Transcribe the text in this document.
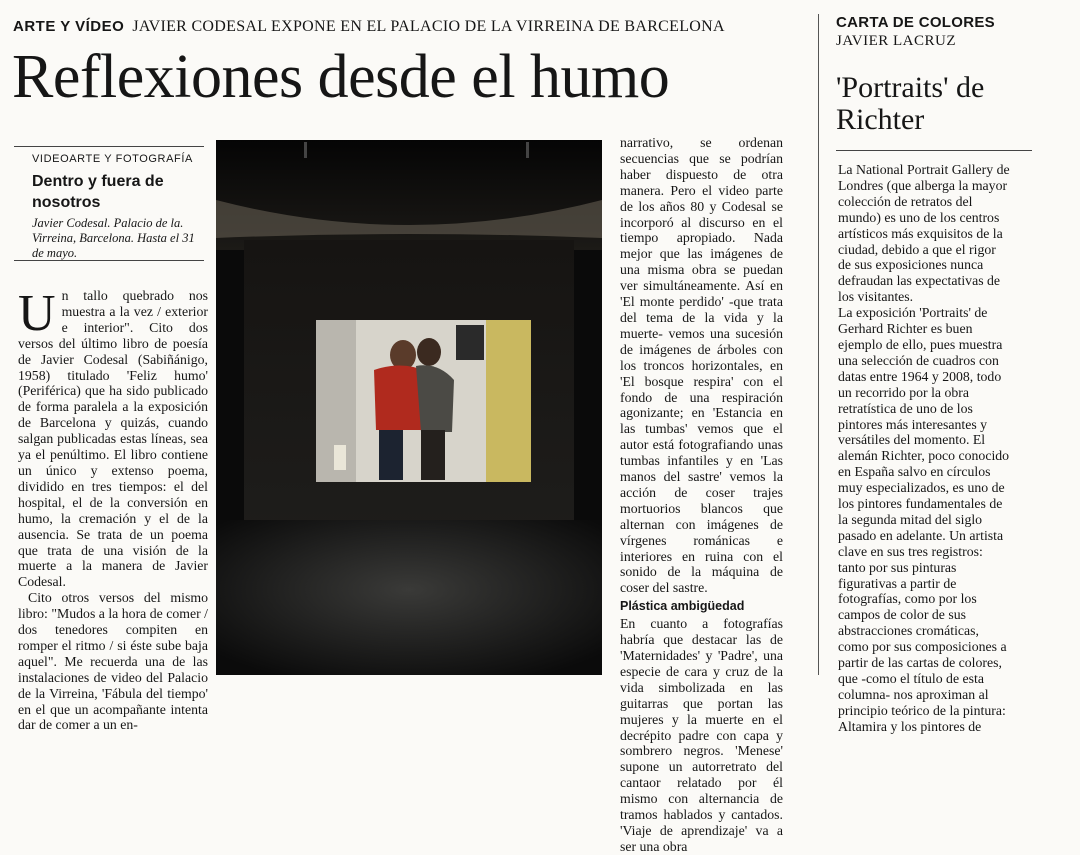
ARTE Y VÍDEO JAVIER CODESAL EXPONE EN EL PALACIO DE LA VIRREINA DE BARCELONA
Reflexiones desde el humo
VIDEOARTE Y FOTOGRAFÍA
Dentro y fuera de nosotros
Javier Codesal. Palacio de la. Virreina, Barcelona. Hasta el 31 de mayo.
U n tallo quebrado nos muestra a la vez / exterior e interior". Cito dos versos del último libro de poesía de Javier Codesal (Sabiñánigo, 1958) titulado 'Feliz humo' (Periférica) que ha sido publicado de forma paralela a la exposición de Barcelona y quizás, cuando salgan publicadas estas líneas, sea ya el penúltimo. El libro contiene un único y extenso poema, dividido en tres tiempos: el del hospital, el de la conversión en humo, la cremación y el de la ausencia. Se trata de un poema que trata de una visión de la muerte a la manera de Javier Codesal.

Cito otros versos del mismo libro: "Mudos a la hora de comer / dos tenedores compiten en romper el ritmo / si éste sube baja aquel". Me recuerda una de las instalaciones de video del Palacio de la Virreina, 'Fábula del tiempo' en el que un acompañante intenta dar de comer a un en-

narrativo, se ordenan secuencias que se podrían haber dispuesto de otra manera. Pero el video parte de los años 80 y Codesal se incorporó al discurso en el tiempo apropiado. Nada mejor que las imágenes de una misma obra se puedan ver simultáneamente. Así en 'El monte perdido' -que trata del tema de la vida y la muerte- vemos una sucesión de imágenes de árboles con los troncos horizontales, en 'El bosque respira' con el fondo de una respiración agonizante; en 'Estancia en las tumbas' vemos que el autor está fotografiando unas tumbas infantiles y en 'Las manos del sastre' vemos la acción de coser trajes mortuorios blancos que alternan con imágenes de vírgenes románicas e interiores en ruina con el sonido de la máquina de coser del sastre.

Plástica ambigüedad

En cuanto a fotografías habría que destacar las de 'Maternidades' y 'Padre', una especie de cara y cruz de la vida simbolizada en las guitarras que portan las mujeres y la muerte en el decrépito padre con capa y sombrero negros. 'Menese' supone un autorretrato del cantaor relatado por él mismo con alternancia de tramos hablados y cantados. 'Viaje de aprendizaje' va a ser una obra

CARTA DE COLORES
JAVIER LACRUZ
'Portraits' de Richter

La National Portrait Gallery de Londres (que alberga la mayor colección de retratos del mundo) es uno de los centros artísticos más exquisitos de la ciudad, debido a que el rigor de sus exposiciones nunca defraudan las expectativas de los visitantes.

La exposición 'Portraits' de Gerhard Richter es buen ejemplo de ello, pues muestra una selección de cuadros con datas entre 1964 y 2008, todo un recorrido por la obra retratística de uno de los pintores más interesantes y versátiles del momento. El alemán Richter, poco conocido en España salvo en círculos muy especializados, es uno de los pintores fundamentales de la segunda mitad del siglo pasado en adelante. Un artista clave en sus tres registros: tanto por sus pinturas figurativas a partir de fotografías, como por los campos de color de sus abstracciones cromáticas, como por sus composiciones a partir de las cartas de colores, que -como el título de esta columna- nos aproximan al principio teórico de la pintura: Altamira y los pintores de
